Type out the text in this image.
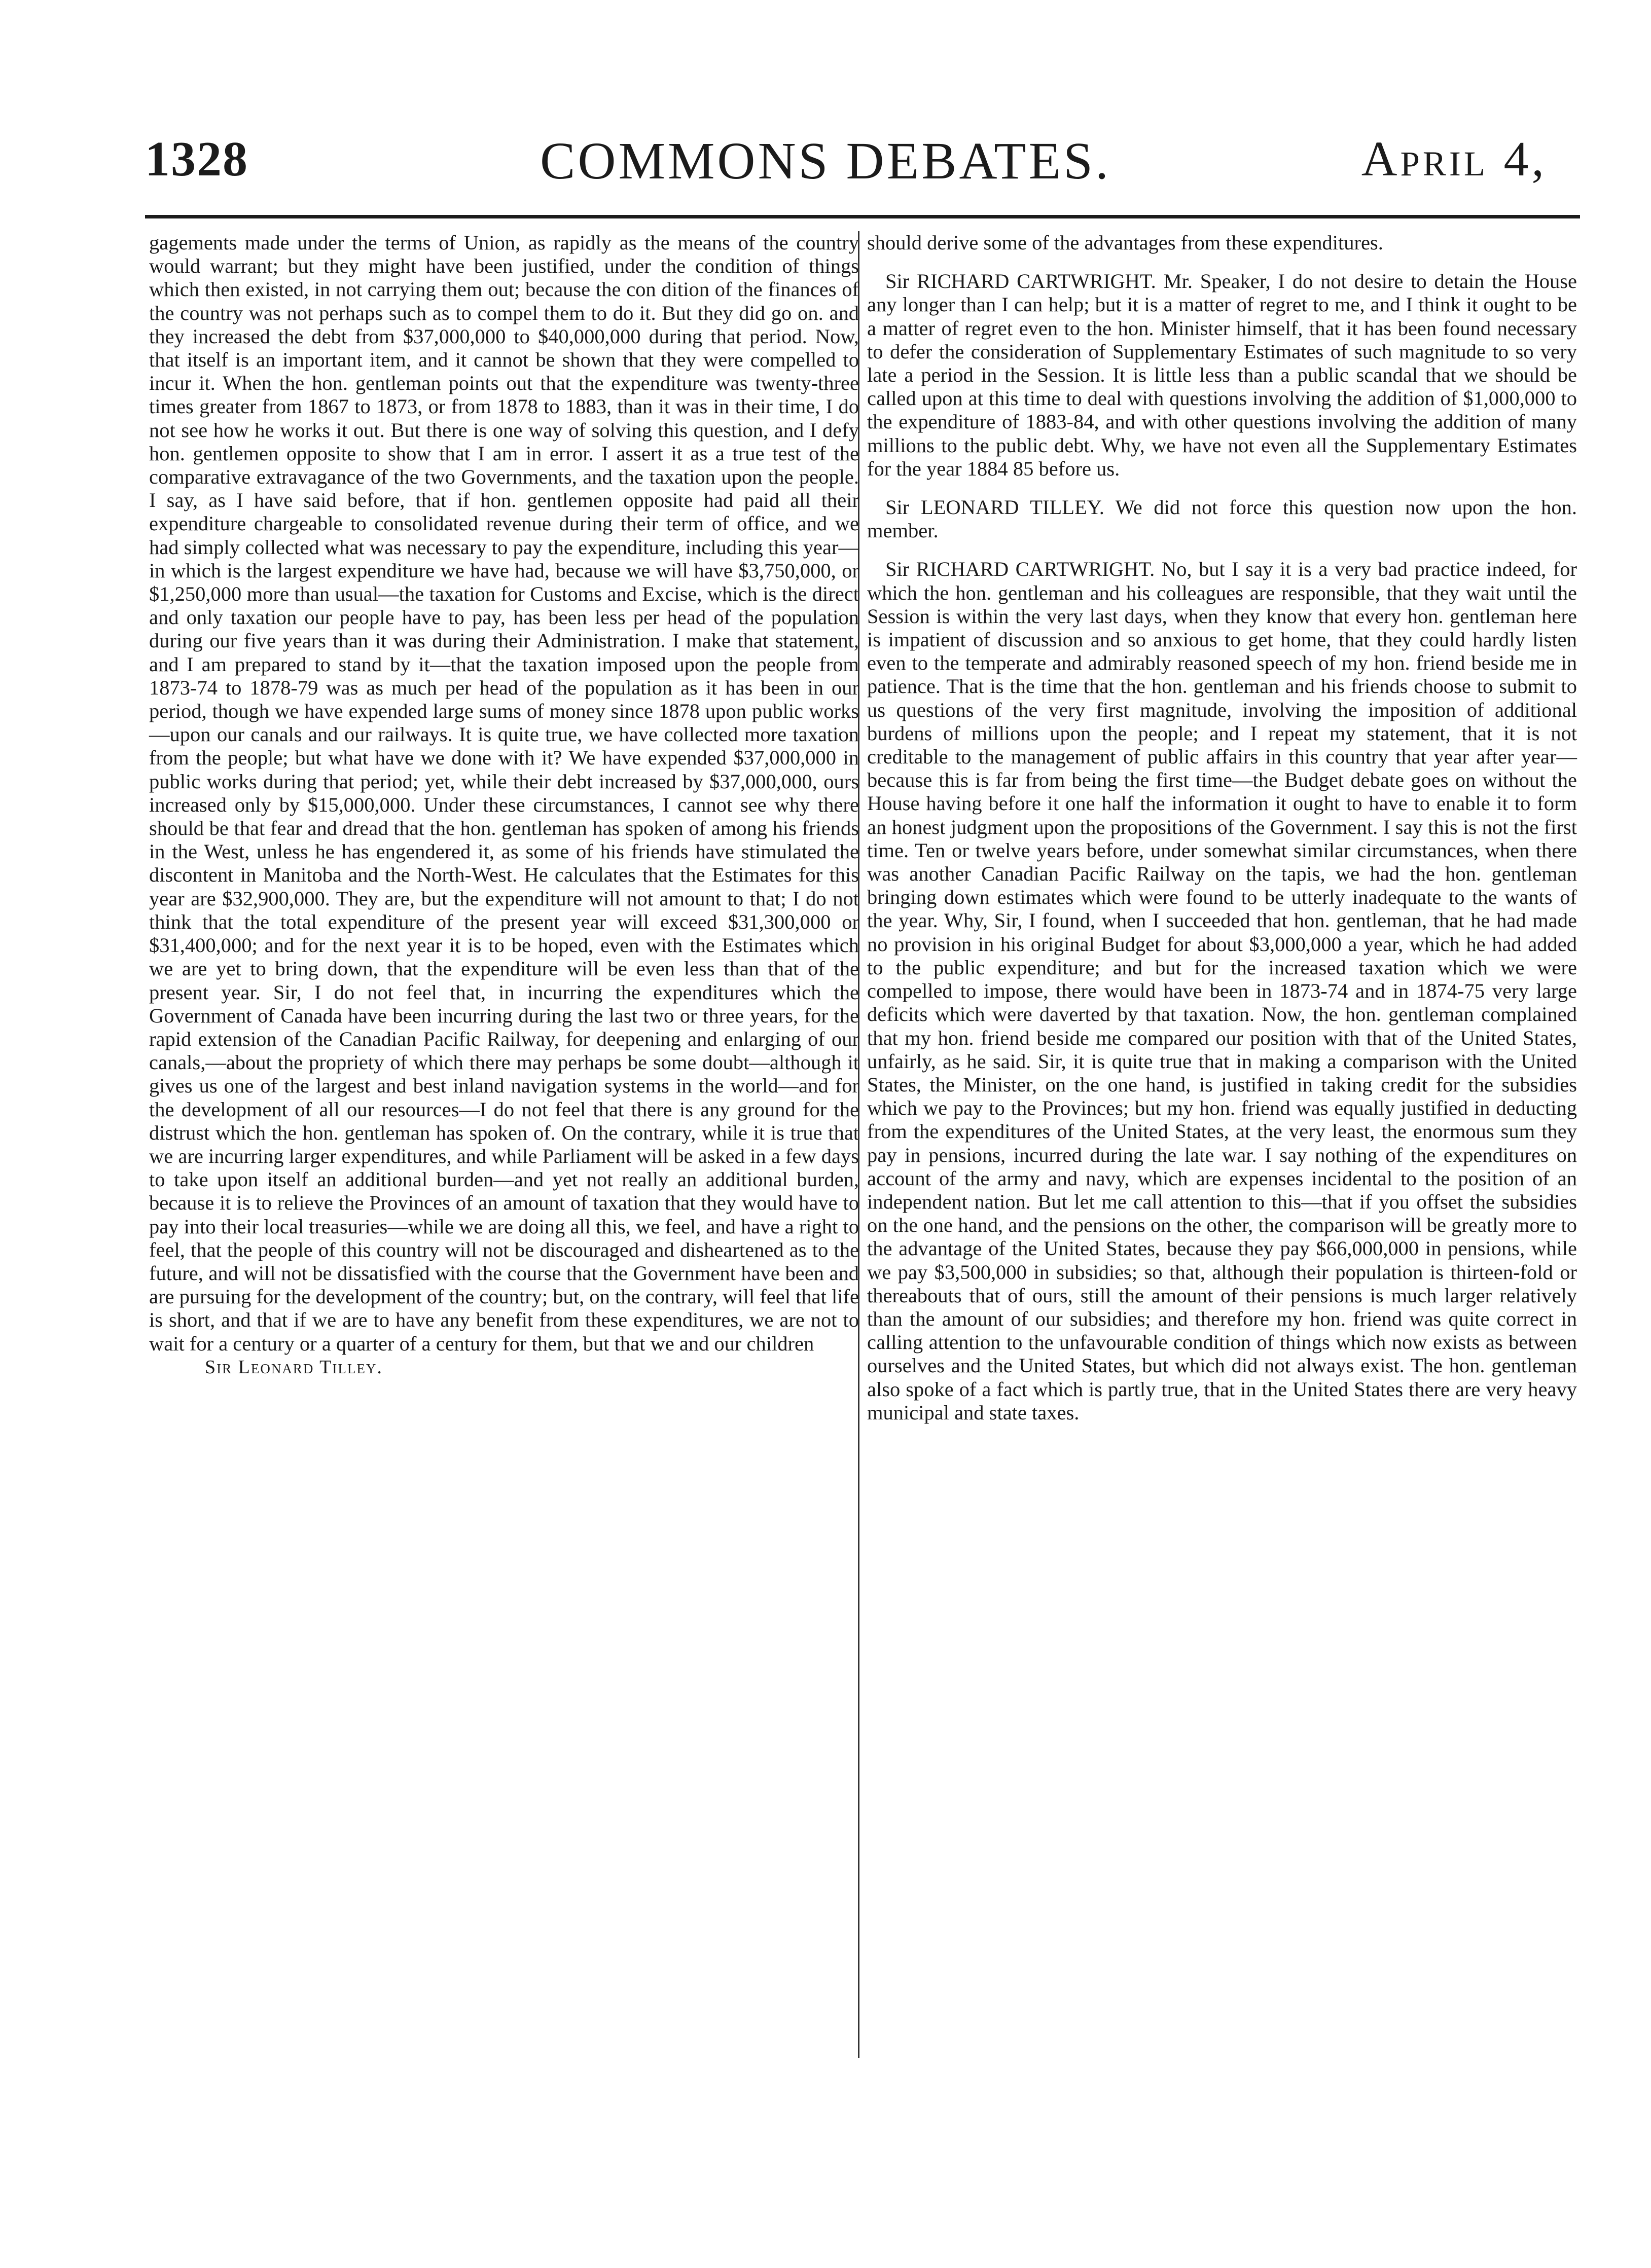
1328	COMMONS DEBATES.	April 4,

gagements made under the terms of Union, as rapidly as the means of the country would warrant; but they might have been justified, under the condition of things which then existed, in not carrying them out; because the con dition of the finances of the country was not perhaps such as to compel them to do it. But they did go on. and they increased the debt from $37,000,000 to $40,000,000 during that period. Now, that itself is an important item, and it cannot be shown that they were compelled to incur it. When the hon. gentleman points out that the expenditure was twenty-three times greater from 1867 to 1873, or from 1878 to 1883, than it was in their time, I do not see how he works it out. But there is one way of solving this question, and I defy hon. gentlemen opposite to show that I am in error. I assert it as a true test of the comparative extravagance of the two Governments, and the taxation upon the people. I say, as I have said before, that if hon. gentlemen opposite had paid all their expenditure chargeable to consolidated revenue during their term of office, and we had simply collected what was necessary to pay the expenditure, including this year—in which is the largest expenditure we have had, because we will have $3,750,000, or $1,250,000 more than usual—the taxation for Customs and Excise, which is the direct and only taxation our people have to pay, has been less per head of the population during our five years than it was during their Administration. I make that statement, and I am prepared to stand by it—that the taxation imposed upon the people from 1873-74 to 1878-79 was as much per head of the population as it has been in our period, though we have expended large sums of money since 1878 upon public works—upon our canals and our railways. It is quite true, we have collected more taxation from the people; but what have we done with it? We have expended $37,000,000 in public works during that period; yet, while their debt increased by $37,000,000, ours increased only by $15,000,000. Under these circumstances, I cannot see why there should be that fear and dread that the hon. gentleman has spoken of among his friends in the West, unless he has engendered it, as some of his friends have stimulated the discontent in Manitoba and the North-West. He calculates that the Estimates for this year are $32,900,000. They are, but the expenditure will not amount to that; I do not think that the total expenditure of the present year will exceed $31,300,000 or $31,400,000; and for the next year it is to be hoped, even with the Estimates which we are yet to bring down, that the expenditure will be even less than that of the present year. Sir, I do not feel that, in incurring the expenditures which the Government of Canada have been incurring during the last two or three years, for the rapid extension of the Canadian Pacific Railway, for deepening and enlarging of our canals,—about the propriety of which there may perhaps be some doubt—although it gives us one of the largest and best inland navigation systems in the world—and for the development of all our resources—I do not feel that there is any ground for the distrust which the hon. gentleman has spoken of. On the contrary, while it is true that we are incurring larger expenditures, and while Parliament will be asked in a few days to take upon itself an additional burden—and yet not really an additional burden, because it is to relieve the Provinces of an amount of taxation that they would have to pay into their local treasuries—while we are doing all this, we feel, and have a right to feel, that the people of this country will not be discouraged and disheartened as to the future, and will not be dissatisfied with the course that the Government have been and are pursuing for the development of the country; but, on the contrary, will feel that life is short, and that if we are to have any benefit from these expenditures, we are not to wait for a century or a quarter of a century for them, but that we and our children

Sir Leonard Tilley.

should derive some of the advantages from these expenditures.

Sir RICHARD CARTWRIGHT. Mr. Speaker, I do not desire to detain the House any longer than I can help; but it is a matter of regret to me, and I think it ought to be a matter of regret even to the hon. Minister himself, that it has been found necessary to defer the consideration of Supplementary Estimates of such magnitude to so very late a period in the Session. It is little less than a public scandal that we should be called upon at this time to deal with questions involving the addition of $1,000,000 to the expenditure of 1883-84, and with other questions involving the addition of many millions to the public debt. Why, we have not even all the Supplementary Estimates for the year 1884 85 before us.

Sir LEONARD TILLEY. We did not force this question now upon the hon. member.

Sir RICHARD CARTWRIGHT. No, but I say it is a very bad practice indeed, for which the hon. gentleman and his colleagues are responsible, that they wait until the Session is within the very last days, when they know that every hon. gentleman here is impatient of discussion and so anxious to get home, that they could hardly listen even to the temperate and admirably reasoned speech of my hon. friend beside me in patience. That is the time that the hon. gentleman and his friends choose to submit to us questions of the very first magnitude, involving the imposition of additional burdens of millions upon the people; and I repeat my statement, that it is not creditable to the management of public affairs in this country that year after year—because this is far from being the first time—the Budget debate goes on without the House having before it one half the information it ought to have to enable it to form an honest judgment upon the propositions of the Government. I say this is not the first time. Ten or twelve years before, under somewhat similar circumstances, when there was another Canadian Pacific Railway on the tapis, we had the hon. gentleman bringing down estimates which were found to be utterly inadequate to the wants of the year. Why, Sir, I found, when I succeeded that hon. gentleman, that he had made no provision in his original Budget for about $3,000,000 a year, which he had added to the public expenditure; and but for the increased taxation which we were compelled to impose, there would have been in 1873-74 and in 1874-75 very large deficits which were daverted by that taxation. Now, the hon. gentleman complained that my hon. friend beside me compared our position with that of the United States, unfairly, as he said. Sir, it is quite true that in making a comparison with the United States, the Minister, on the one hand, is justified in taking credit for the subsidies which we pay to the Provinces; but my hon. friend was equally justified in deducting from the expenditures of the United States, at the very least, the enormous sum they pay in pensions, incurred during the late war. I say nothing of the expenditures on account of the army and navy, which are expenses incidental to the position of an independent nation. But let me call attention to this—that if you offset the subsidies on the one hand, and the pensions on the other, the comparison will be greatly more to the advantage of the United States, because they pay $66,000,000 in pensions, while we pay $3,500,000 in subsidies; so that, although their population is thirteen-fold or thereabouts that of ours, still the amount of their pensions is much larger relatively than the amount of our subsidies; and therefore my hon. friend was quite correct in calling attention to the unfavourable condition of things which now exists as between ourselves and the United States, but which did not always exist. The hon. gentleman also spoke of a fact which is partly true, that in the United States there are very heavy municipal and state taxes.
